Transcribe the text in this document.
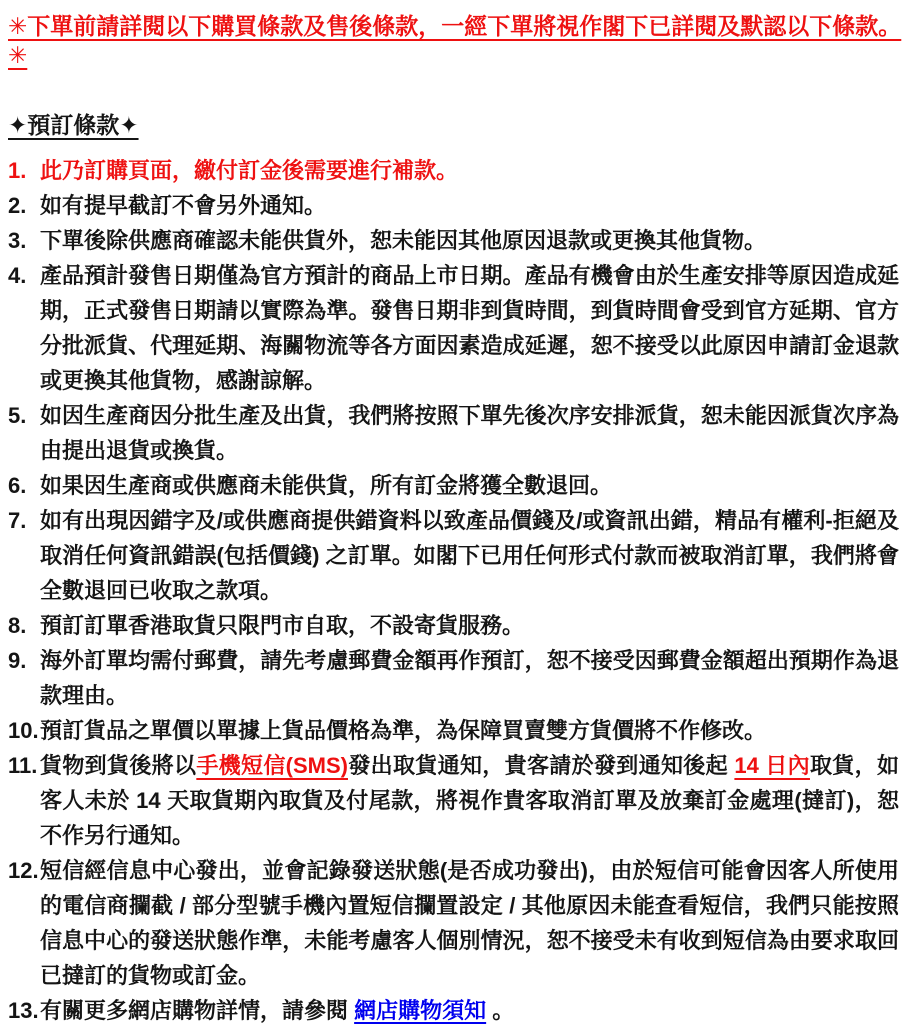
✳下單前請詳閱以下購買條款及售後條款，一經下單將視作閣下已詳閱及默認以下條款。✳

✦預訂條款✦
1. 此乃訂購頁面，繳付訂金後需要進行補款。
2. 如有提早截訂不會另外通知。
3. 下單後除供應商確認未能供貨外，恕未能因其他原因退款或更換其他貨物。
4. 產品預計發售日期僅為官方預計的商品上市日期。產品有機會由於生產安排等原因造成延期，正式發售日期請以實際為準。發售日期非到貨時間，到貨時間會受到官方延期、官方分批派貨、代理延期、海關物流等各方面因素造成延遲，恕不接受以此原因申請訂金退款或更換其他貨物，感謝諒解。
5. 如因生產商因分批生產及出貨，我們將按照下單先後次序安排派貨，恕未能因派貨次序為由提出退貨或換貨。
6. 如果因生產商或供應商未能供貨，所有訂金將獲全數退回。
7. 如有出現因錯字及/或供應商提供錯資料以致產品價錢及/或資訊出錯，精品有權利-拒絕及取消任何資訊錯誤(包括價錢) 之訂單。如閣下已用任何形式付款而被取消訂單，我們將會全數退回已收取之款項。
8. 預訂訂單香港取貨只限門市自取，不設寄貨服務。
9. 海外訂單均需付郵費，請先考慮郵費金額再作預訂，恕不接受因郵費金額超出預期作為退款理由。
10. 預訂貨品之單價以單據上貨品價格為準，為保障買賣雙方貨價將不作修改。
11. 貨物到貨後將以手機短信(SMS)發出取貨通知，貴客請於發到通知後起 14 日內取貨，如客人未於 14 天取貨期內取貨及付尾款，將視作貴客取消訂單及放棄訂金處理(撻訂)，恕不作另行通知。
12. 短信經信息中心發出，並會記錄發送狀態(是否成功發出)，由於短信可能會因客人所使用的電信商攔截 / 部分型號手機內置短信攔置設定 / 其他原因未能查看短信，我們只能按照信息中心的發送狀態作準，未能考慮客人個別情況，恕不接受未有收到短信為由要求取回已撻訂的貨物或訂金。
13. 有關更多網店購物詳情，請參閱 網店購物須知 。
